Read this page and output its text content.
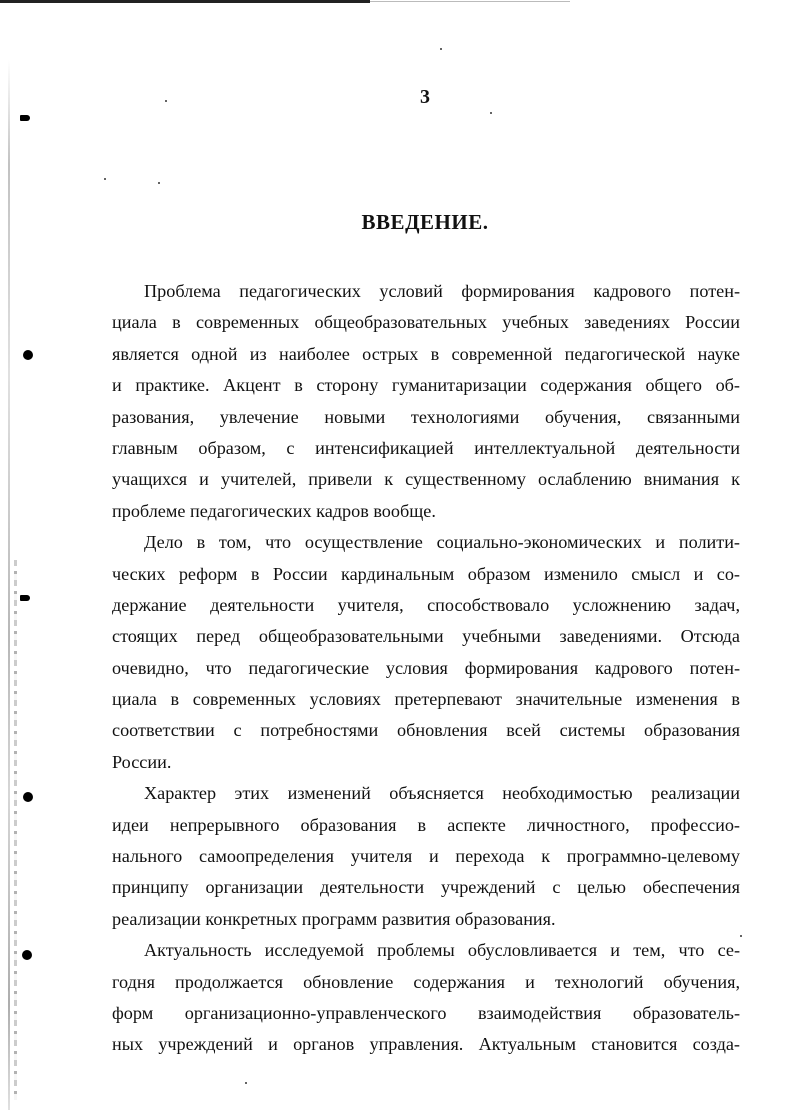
3
ВВЕДЕНИЕ.
Проблема педагогических условий формирования кадрового потен-
циала в современных общеобразовательных учебных заведениях России
является одной из наиболее острых в современной педагогической науке
и практике. Акцент в сторону гуманитаризации содержания общего об-
разования, увлечение новыми технологиями обучения, связанными
главным образом, с интенсификацией интеллектуальной деятельности
учащихся и учителей, привели к существенному ослаблению внимания к
проблеме педагогических кадров вообще.
Дело в том, что осуществление социально-экономических и полити-
ческих реформ в России кардинальным образом изменило смысл и со-
держание деятельности учителя, способствовало усложнению задач,
стоящих перед общеобразовательными учебными заведениями. Отсюда
очевидно, что педагогические условия формирования кадрового потен-
циала в современных условиях претерпевают значительные изменения в
соответствии с потребностями обновления всей системы образования
России.
Характер этих изменений объясняется необходимостью реализации
идеи непрерывного образования в аспекте личностного, профессио-
нального самоопределения учителя и перехода к программно-целевому
принципу организации деятельности учреждений с целью обеспечения
реализации конкретных программ развития образования.
Актуальность исследуемой проблемы обусловливается и тем, что се-
годня продолжается обновление содержания и технологий обучения,
форм организационно-управленческого взаимодействия образователь-
ных учреждений и органов управления. Актуальным становится созда-
